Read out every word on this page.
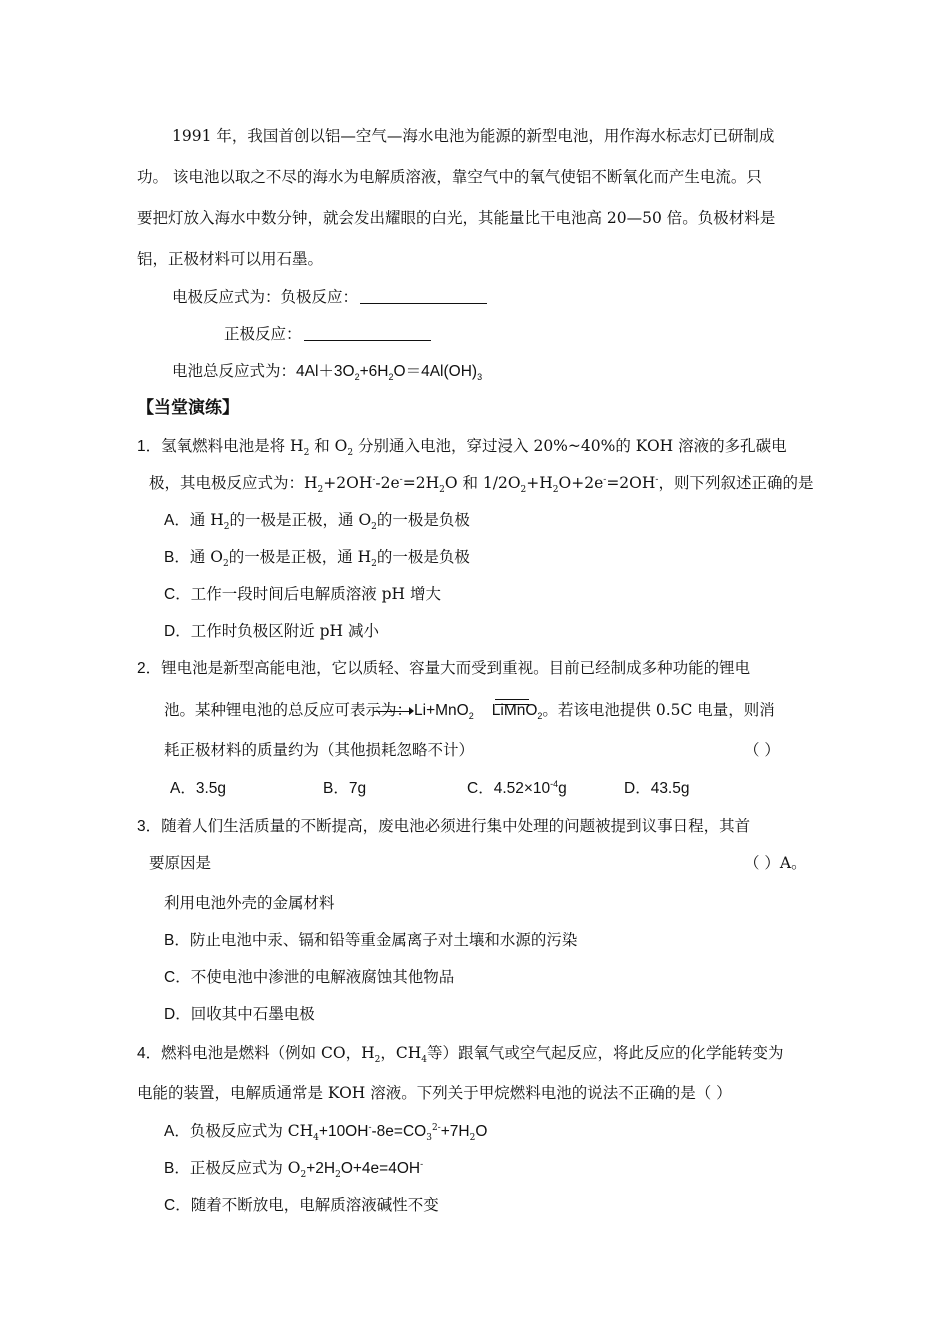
1991 年，我国首创以铝—空气—海水电池为能源的新型电池，用作海水标志灯已研制成
功。 该电池以取之不尽的海水为电解质溶液，靠空气中的氧气使铝不断氧化而产生电流。只
要把灯放入海水中数分钟，就会发出耀眼的白光，其能量比干电池高 20—50 倍。负极材料是
铝，正极材料可以用石墨。
电极反应式为：负极反应：
正极反应：
电池总反应式为：$4Al+3O_2+6H_2O=4Al(OH)_3$
【当堂演练】
1．氢氧燃料电池是将 $H_2$ 和 $O_2$ 分别通入电池，穿过浸入 20%~40%的 KOH 溶液的多孔碳电
极，其电极反应式为：$H_2+2OH^--2e^-=2H_2O$ 和 $1/2O_2+H_2O+2e^-=2OH^-$，则下列叙述正确的是
A．通 $H_2$的一极是正极，通 $O_2$的一极是负极
B．通 $O_2$的一极是正极，通 $H_2$的一极是负极
C．工作一段时间后电解质溶液 pH 增大
D．工作时负极区附近 pH 减小
2．锂电池是新型高能电池，它以质轻、容量大而受到重视。目前已经制成多种功能的锂电
池。某种锂电池的总反应可表示为： Li+MnO$_2$ LiMnO$_2$。若该电池提供 0.5C 电量，则消
耗正极材料的质量约为（其他损耗忽略不计）	（ ）
A．3.5g	B．7g	C．$4.52\times 10^{-4}g$	D．43.5g
3．随着人们生活质量的不断提高，废电池必须进行集中处理的问题被提到议事日程，其首
要原因是	（ ）A。
利用电池外壳的金属材料
B．防止电池中汞、镉和铅等重金属离子对土壤和水源的污染
C．不使电池中渗泄的电解液腐蚀其他物品
D．回收其中石墨电极
4．燃料电池是燃料（例如 CO，$H_2$，$CH_4$等）跟氧气或空气起反应，将此反应的化学能转变为
电能的装置，电解质通常是 KOH 溶液。下列关于甲烷燃料电池的说法不正确的是（ ）
A．负极反应式为 $CH_4+10OH^--8e=CO_3^{2-}+7H_2O$
B．正极反应式为 $O_2+2H_2O+4e=4OH^-$
C．随着不断放电，电解质溶液碱性不变
